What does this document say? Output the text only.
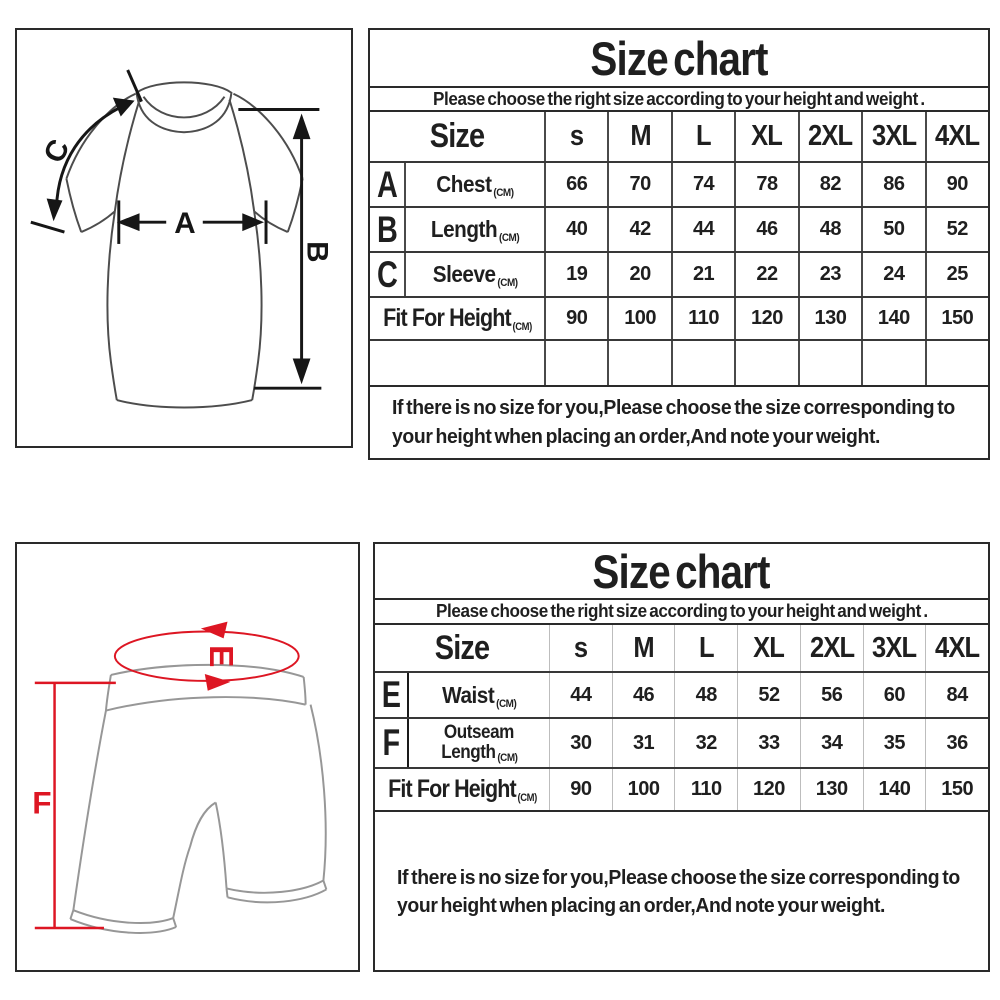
A
B
C
Size chart
Please choose the right size according to your height and weight .
Size	s M L XL 2XL 3XL 4XL
A Chest (CM)	66 70 74 78 82 86 90
B Length (CM) 40 42 44 46 48 50 52
C Sleeve (CM) 19 20 21 22 23 24 25
Fit For Height (CM) 90 100 110 120 130 140 150
If there is no size for you,Please choose the size corresponding to
your height when placing an order,And note your weight.
E
F
Size chart
Please choose the right size according to your height and weight .
Size	s M L XL 2XL 3XL 4XL
E Waist (CM)	44 46 48 52 56 60 84
F Outseam
Length (CM)
30 31 32 33 34 35 36
Fit For Height (CM) 90 100 110 120 130 140 150
If there is no size for you,Please choose the size corresponding to
your height when placing an order,And note your weight.
